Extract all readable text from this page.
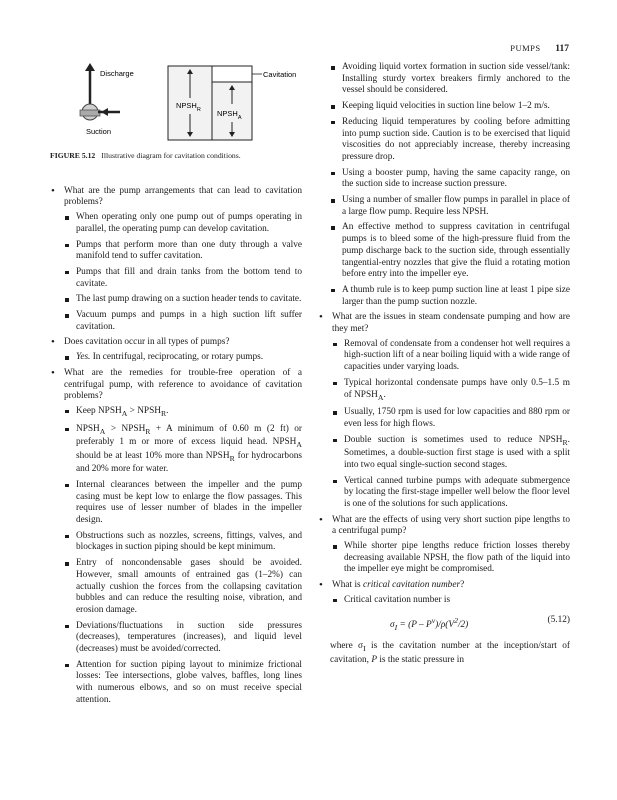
PUMPS 117
Discharge
Suction
$NPSH_R$ $NPSH_A$
Cavitation
FIGURE 5.12 Illustrative diagram for cavitation conditions.
• What are the pump arrangements that can lead to cavitation problems?
When operating only one pump out of pumps operating in parallel, the operating pump can develop cavitation.
Pumps that perform more than one duty through a valve manifold tend to suffer cavitation.
Pumps that fill and drain tanks from the bottom tend to cavitate.
The last pump drawing on a suction header tends to cavitate.
Vacuum pumps and pumps in a high suction lift suffer cavitation.
• Does cavitation occur in all types of pumps?
Yes. In centrifugal, reciprocating, or rotary pumps.
• What are the remedies for trouble-free operation of a centrifugal pump, with reference to avoidance of cavitation problems?
Keep $NPSH_A$ > $NPSH_R$.
$NPSH_A$ > $NPSH_R + A$ minimum of 0.60 m (2 ft) or preferably 1 m or more of excess liquid head. $NPSH_A$ should be at least 10% more than $NPSH_R$ for hydrocarbons and 20% more for water.
Internal clearances between the impeller and the pump casing must be kept low to enlarge the flow passages. This requires use of lesser number of blades in the impeller design.
Obstructions such as nozzles, screens, fittings, valves, and blockages in suction piping should be kept minimum.
Entry of noncondensable gases should be avoided. However, small amounts of entrained gas (1–2%) can actually cushion the forces from the collapsing cavitation bubbles and can reduce the resulting noise, vibration, and erosion damage.
Deviations/fluctuations in suction side pressures (decreases), temperatures (increases), and liquid level (decreases) must be avoided/corrected.
Attention for suction piping layout to minimize frictional losses: Tee intersections, globe valves, baffles, long lines with numerous elbows, and so on must receive special attention.
Avoiding liquid vortex formation in suction side vessel/tank: Installing sturdy vortex breakers firmly anchored to the vessel should be considered.
Keeping liquid velocities in suction line below 1–2 m/s.
Reducing liquid temperatures by cooling before admitting into pump suction side. Caution is to be exercised that liquid viscosities do not appreciably increase, thereby increasing pressure drop.
Using a booster pump, having the same capacity range, on the suction side to increase suction pressure.
Using a number of smaller flow pumps in parallel in place of a large flow pump. Require less NPSH.
An effective method to suppress cavitation in centrifugal pumps is to bleed some of the high-pressure fluid from the pump discharge back to the suction side, through essentially tangential-entry nozzles that give the fluid a rotating motion before entry into the impeller eye.
A thumb rule is to keep pump suction line at least 1 pipe size larger than the pump suction nozzle.
• What are the issues in steam condensate pumping and how are they met?
Removal of condensate from a condenser hot well requires a high-suction lift of a near boiling liquid with a wide range of capacities under varying loads.
Typical horizontal condensate pumps have only 0.5–1.5 m of $NPSH_A$.
Usually, 1750 rpm is used for low capacities and 880 rpm or even less for high flows.
Double suction is sometimes used to reduce $NPSH_R$. Sometimes, a double-suction first stage is used with a split into two equal single-suction second stages.
Vertical canned turbine pumps with adequate submergence by locating the first-stage impeller well below the floor level is one of the solutions for such applications.
• What are the effects of using very short suction pipe lengths to a centrifugal pump?
While shorter pipe lengths reduce friction losses thereby decreasing available NPSH, the flow path of the liquid into the impeller eye might be compromised.
• What is critical cavitation number?
Critical cavitation number is
$\sigma_I = (P - P^v)/\rho(V^2/2)$
(5.12)

where $\sigma_I$ is the cavitation number at the inception/start of cavitation, P is the static pressure in
